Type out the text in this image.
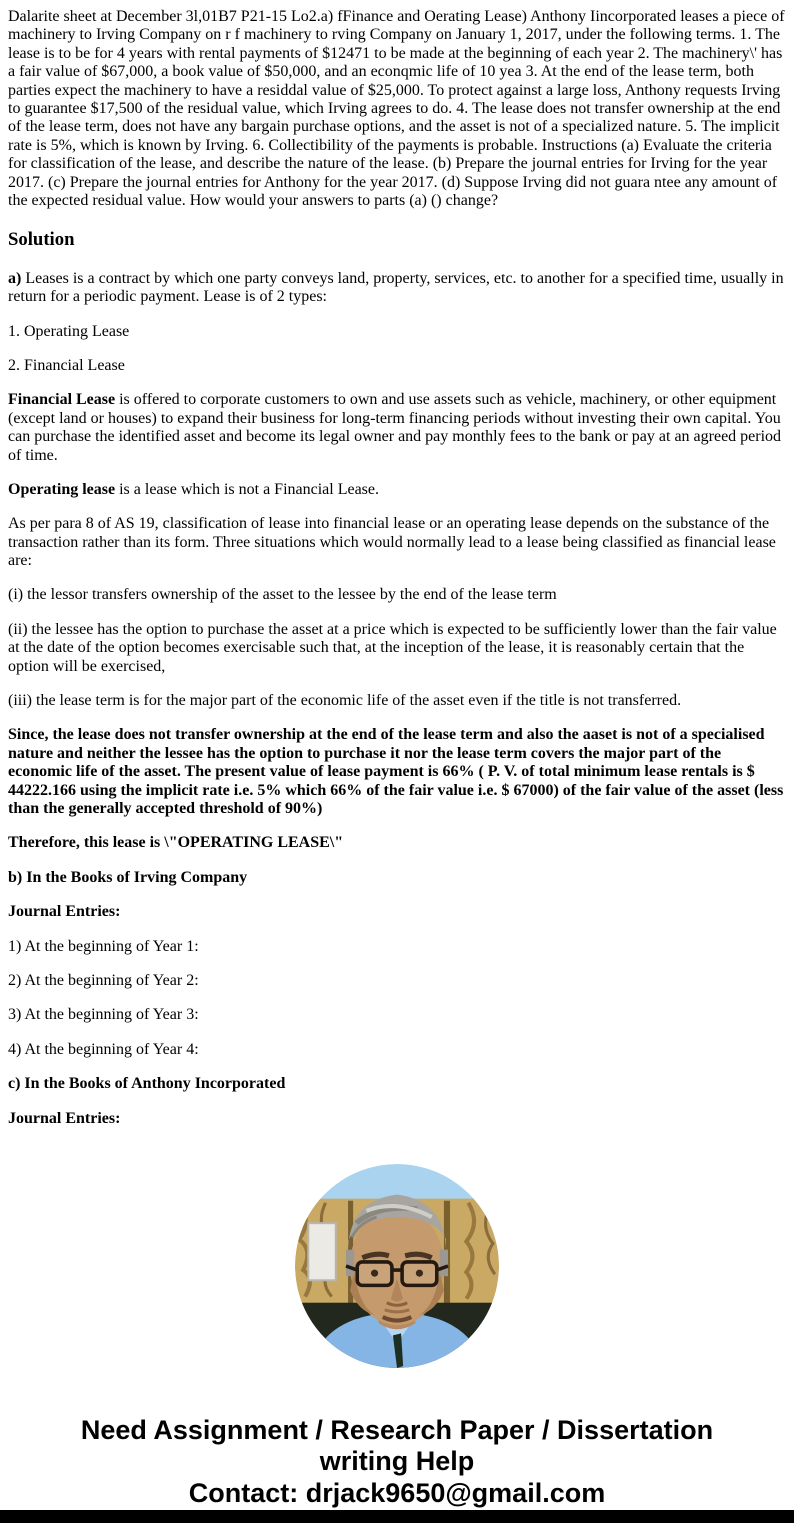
Dalarite sheet at December 3l,01B7 P21-15 Lo2.a) fFinance and Oerating Lease) Anthony Iincorporated leases a piece of machinery to Irving Company on r f machinery to rving Company on January 1, 2017, under the following terms. 1. The lease is to be for 4 years with rental payments of $12471 to be made at the beginning of each year 2. The machinery\' has a fair value of $67,000, a book value of $50,000, and an econqmic life of 10 yea 3. At the end of the lease term, both parties expect the machinery to have a residdal value of $25,000. To protect against a large loss, Anthony requests Irving to guarantee $17,500 of the residual value, which Irving agrees to do. 4. The lease does not transfer ownership at the end of the lease term, does not have any bargain purchase options, and the asset is not of a specialized nature. 5. The implicit rate is 5%, which is known by Irving. 6. Collectibility of the payments is probable. Instructions (a) Evaluate the criteria for classification of the lease, and describe the nature of the lease. (b) Prepare the journal entries for Irving for the year 2017. (c) Prepare the journal entries for Anthony for the year 2017. (d) Suppose Irving did not guara ntee any amount of the expected residual value. How would your answers to parts (a) () change?

Solution

a) Leases is a contract by which one party conveys land, property, services, etc. to another for a specified time, usually in return for a periodic payment. Lease is of 2 types:

1. Operating Lease

2. Financial Lease

Financial Lease is offered to corporate customers to own and use assets such as vehicle, machinery, or other equipment (except land or houses) to expand their business for long-term financing periods without investing their own capital. You can purchase the identified asset and become its legal owner and pay monthly fees to the bank or pay at an agreed period of time.

Operating lease is a lease which is not a Financial Lease.

As per para 8 of AS 19, classification of lease into financial lease or an operating lease depends on the substance of the transaction rather than its form. Three situations which would normally lead to a lease being classified as financial lease are:

(i) the lessor transfers ownership of the asset to the lessee by the end of the lease term

(ii) the lessee has the option to purchase the asset at a price which is expected to be sufficiently lower than the fair value at the date of the option becomes exercisable such that, at the inception of the lease, it is reasonably certain that the option will be exercised,

(iii) the lease term is for the major part of the economic life of the asset even if the title is not transferred.

Since, the lease does not transfer ownership at the end of the lease term and also the aaset is not of a specialised nature and neither the lessee has the option to purchase it nor the lease term covers the major part of the economic life of the asset. The present value of lease payment is 66% ( P. V. of total minimum lease rentals is $ 44222.166 using the implicit rate i.e. 5% which 66% of the fair value i.e. $ 67000) of the fair value of the asset (less than the generally accepted threshold of 90%)

Therefore, this lease is \"OPERATING LEASE\"

b) In the Books of Irving Company

Journal Entries:

1) At the beginning of Year 1:

2) At the beginning of Year 2:

3) At the beginning of Year 3:

4) At the beginning of Year 4:

c) In the Books of Anthony Incorporated

Journal Entries:

Need Assignment / Research Paper / Dissertation writing Help
Contact: drjack9650@gmail.com
